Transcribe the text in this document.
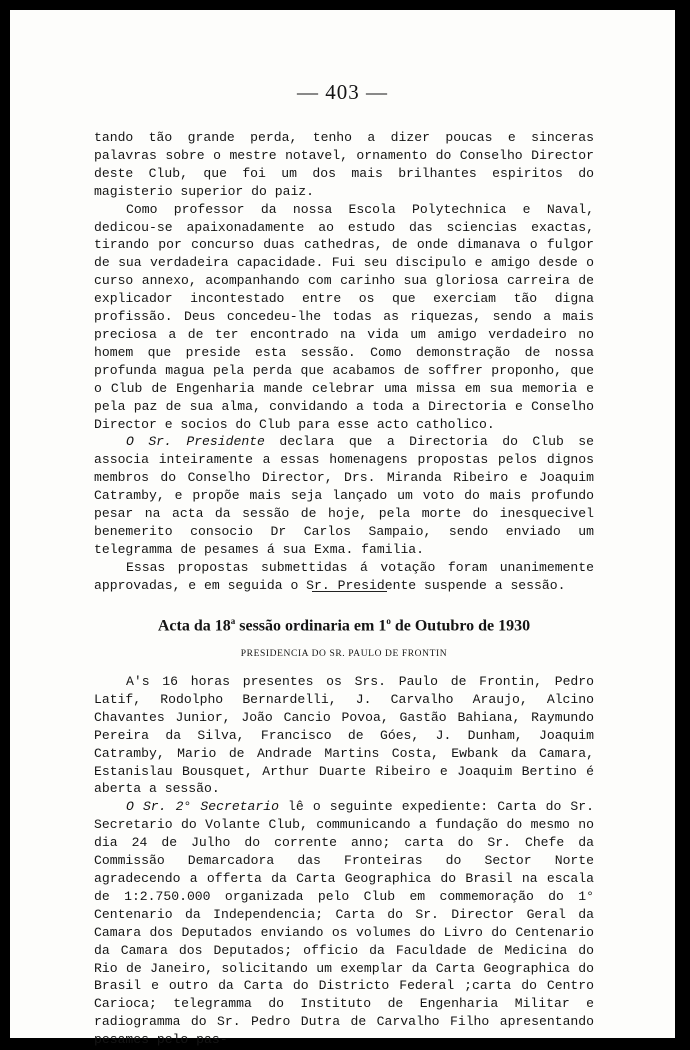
— 403 —

tando tão grande perda, tenho a dizer poucas e sinceras palavras sobre o mestre notavel, ornamento do Conselho Director deste Club, que foi um dos mais brilhantes espiritos do magisterio superior do paiz.

Como professor da nossa Escola Polytechnica e Naval, dedicou-se apaixonadamente ao estudo das sciencias exactas, tirando por concurso duas cathedras, de onde dimanava o fulgor de sua verdadeira capacidade. Fui seu discipulo e amigo desde o curso annexo, acompanhando com carinho sua gloriosa carreira de explicador incontestado entre os que exerciam tão digna profissão. Deus concedeu-lhe todas as riquezas, sendo a mais preciosa a de ter encontrado na vida um amigo verdadeiro no homem que preside esta sessão. Como demonstração de nossa profunda magua pela perda que acabamos de soffrer proponho, que o Club de Engenharia mande celebrar uma missa em sua memoria e pela paz de sua alma, convidando a toda a Directoria e Conselho Director e socios do Club para esse acto catholico.

O Sr. Presidente declara que a Directoria do Club se associa inteiramente a essas homenagens propostas pelos dignos membros do Conselho Director, Drs. Miranda Ribeiro e Joaquim Catramby, e propõe mais seja lançado um voto do mais profundo pesar na acta da sessão de hoje, pela morte do inesquecivel benemerito consocio Dr Carlos Sampaio, sendo enviado um telegramma de pesames á sua Exma. familia.

Essas propostas submettidas á votação foram unanimemente approvadas, e em seguida o Sr. Presidente suspende a sessão.

Acta da 18$^a$ sessão ordinaria em 1$^o$ de Outubro de 1930
PRESIDENCIA DO SR. PAULO DE FRONTIN

A's 16 horas presentes os Srs. Paulo de Frontin, Pedro Latif, Rodolpho Bernardelli, J. Carvalho Araujo, Alcino Chavantes Junior, João Cancio Povoa, Gastão Bahiana, Raymundo Pereira da Silva, Francisco de Góes, J. Dunham, Joaquim Catramby, Mario de Andrade Martins Costa, Ewbank da Camara, Estanislau Bousquet, Arthur Duarte Ribeiro e Joaquim Bertino é aberta a sessão.

O Sr. 2° Secretario lê o seguinte expediente: Carta do Sr. Secretario do Volante Club, communicando a fundação do mesmo no dia 24 de Julho do corrente anno; carta do Sr. Chefe da Commissão Demarcadora das Fronteiras do Sector Norte agradecendo a offerta da Carta Geographica do Brasil na escala de 1:2.750.000 organizada pelo Club em commemoração do 1° Centenario da Independencia; Carta do Sr. Director Geral da Camara dos Deputados enviando os volumes do Livro do Centenario da Camara dos Deputados; officio da Faculdade de Medicina do Rio de Janeiro, solicitando um exemplar da Carta Geographica do Brasil e outro da Carta do Districto Federal ;carta do Centro Carioca; telegramma do Instituto de Engenharia Militar e radiogramma do Sr. Pedro Dutra de Carvalho Filho apresentando pesames pelo pas-
